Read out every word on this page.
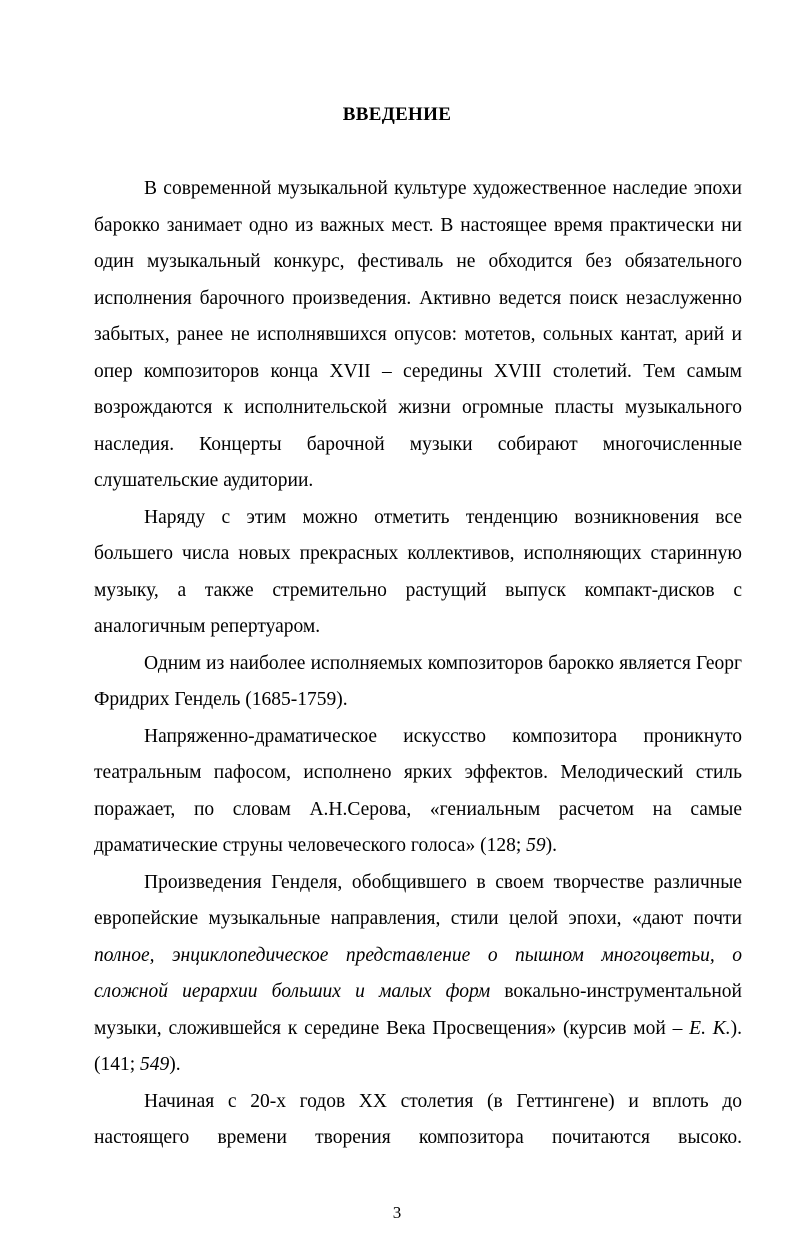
ВВЕДЕНИЕ

В современной музыкальной культуре художественное наследие эпохи барокко занимает одно из важных мест. В настоящее время практически ни один музыкальный конкурс, фестиваль не обходится без обязательного исполнения барочного произведения. Активно ведется поиск незаслуженно забытых, ранее не исполнявшихся опусов: мотетов, сольных кантат, арий и опер композиторов конца XVII – середины XVIII столетий. Тем самым возрождаются к исполнительской жизни огромные пласты музыкального наследия. Концерты барочной музыки собирают многочисленные слушательские аудитории.

Наряду с этим можно отметить тенденцию возникновения все большего числа новых прекрасных коллективов, исполняющих старинную музыку, а также стремительно растущий выпуск компакт-дисков с аналогичным репертуаром.

Одним из наиболее исполняемых композиторов барокко является Георг Фридрих Гендель (1685-1759).

Напряженно-драматическое искусство композитора проникнуто театральным пафосом, исполнено ярких эффектов. Мелодический стиль поражает, по словам А.Н.Серова, «гениальным расчетом на самые драматические струны человеческого голоса» (128; 59).

Произведения Генделя, обобщившего в своем творчестве различные европейские музыкальные направления, стили целой эпохи, «дают почти полное, энциклопедическое представление о пышном многоцветьи, о сложной иерархии больших и малых форм вокально-инструментальной музыки, сложившейся к середине Века Просвещения» (курсив мой – Е. К.). (141; 549).

Начиная с 20-х годов XX столетия (в Геттингене) и вплоть до настоящего времени творения композитора почитаются высоко.

3
